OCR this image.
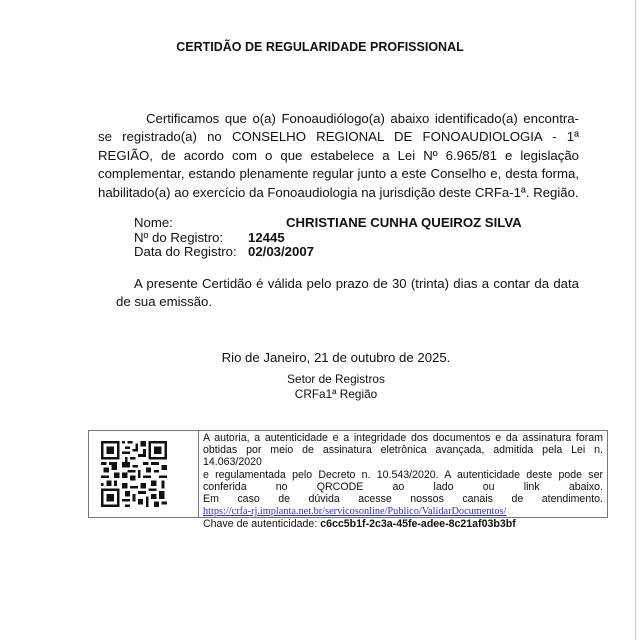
CERTIDÃO DE REGULARIDADE PROFISSIONAL
Certificamos que o(a) Fonoaudiólogo(a) abaixo identificado(a) encontra-se registrado(a) no CONSELHO REGIONAL DE FONOAUDIOLOGIA - 1ª REGIÃO, de acordo com o que estabelece a Lei Nº 6.965/81 e legislação complementar, estando plenamente regular junto a este Conselho e, desta forma, habilitado(a) ao exercício da Fonoaudiologia na jurisdição deste CRFa-1ª. Região.
Nome:	CHRISTIANE CUNHA QUEIROZ SILVA
Nº do Registro: 12445
Data do Registro: 02/03/2007
A presente Certidão é válida pelo prazo de 30 (trinta) dias a contar da data de sua emissão.
Rio de Janeiro, 21 de outubro de 2025.
Setor de Registros
CRFa1ª Região
A autoria, a autenticidade e a integridade dos documentos e da assinatura foram
obtidas por meio de assinatura eletrônica avançada, admitida pela Lei n. 14.063/2020
e regulamentada pelo Decreto n. 10.543/2020. A autenticidade deste pode ser
conferida no QRCODE ao lado ou link abaixo.
Em caso de dúvida acesse nossos canais de atendimento.
https://crfa-rj.implanta.net.br/servicosonline/Publico/ValidarDocumentos/
Chave de autenticidade: c6cc5b1f-2c3a-45fe-adee-8c21af03b3bf
